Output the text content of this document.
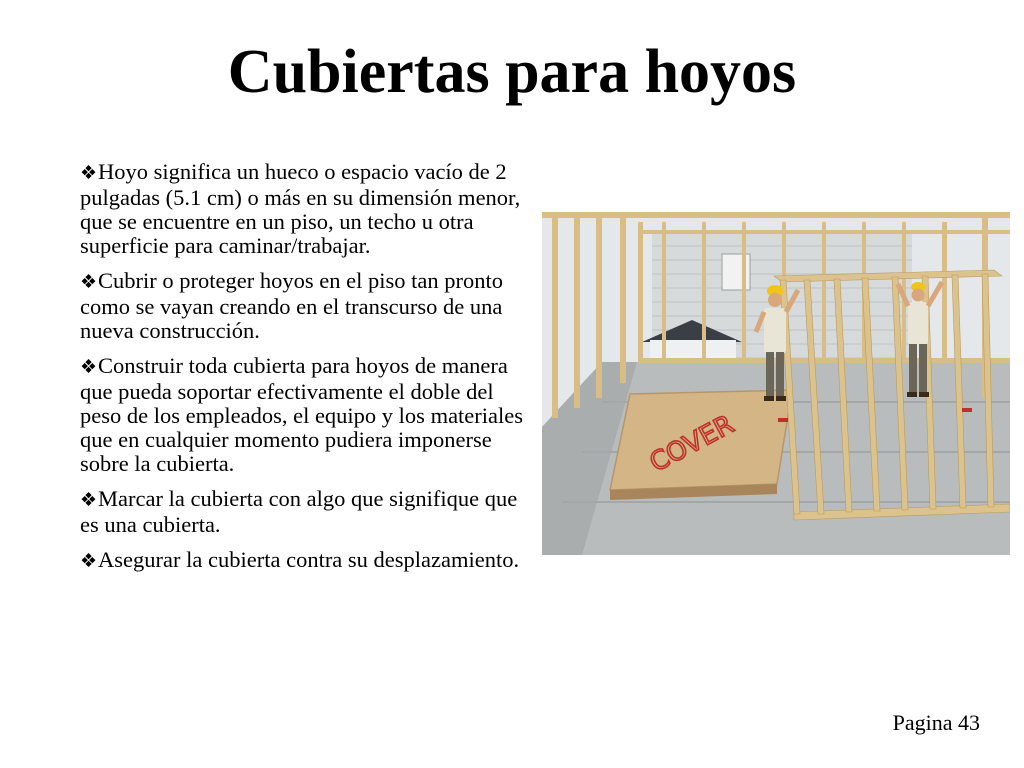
Cubiertas para hoyos
❖Hoyo significa un hueco o espacio vacío de 2 pulgadas (5.1 cm) o más en su dimensión menor, que se encuentre en un piso, un techo u otra superficie para caminar/trabajar.
❖Cubrir o proteger hoyos en el piso tan pronto como se vayan creando en el transcurso de una nueva construcción.
❖Construir toda cubierta para hoyos de manera que pueda soportar efectivamente el doble del peso de los empleados, el equipo y los materiales que en cualquier momento pudiera imponerse sobre la cubierta.
❖Marcar la cubierta con algo que signifique que es una cubierta.
❖Asegurar la cubierta contra su desplazamiento.
COVER
Pagina 43
